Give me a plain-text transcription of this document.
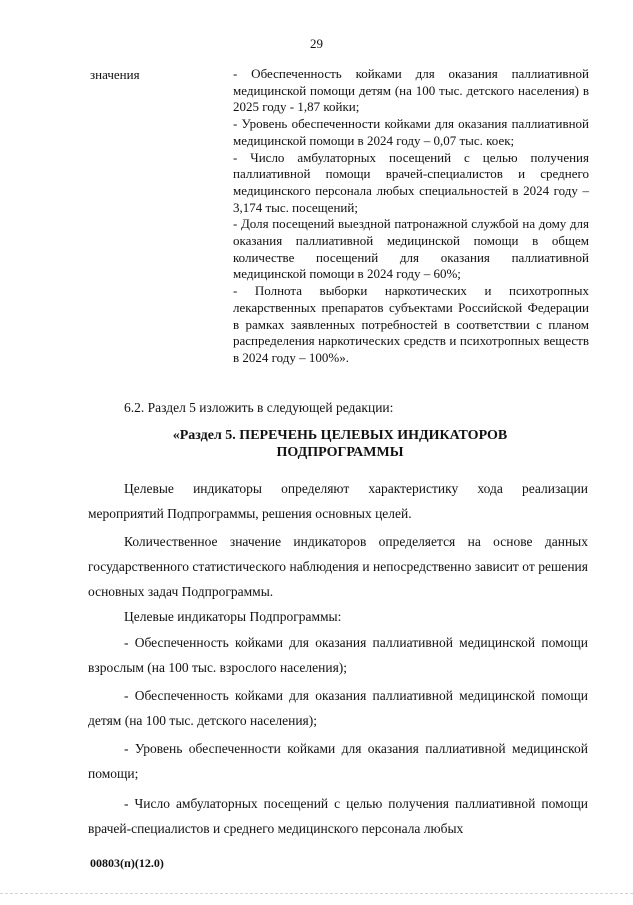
29
значения	- Обеспеченность койками для оказания паллиативной медицинской помощи детям (на 100 тыс. детского населения) в 2025 году - 1,87 койки;

- Уровень обеспеченности койками для оказания паллиативной медицинской помощи в 2024 году – 0,07 тыс. коек;

- Число амбулаторных посещений с целью получения паллиативной помощи врачей-специалистов и среднего медицинского персонала любых специальностей в 2024 году – 3,174 тыс. посещений;

- Доля посещений выездной патронажной службой на дому для оказания паллиативной медицинской помощи в общем количестве посещений для оказания паллиативной медицинской помощи в 2024 году – 60%;

- Полнота выборки наркотических и психотропных лекарственных препаратов субъектами Российской Федерации в рамках заявленных потребностей в соответствии с планом распределения наркотических средств и психотропных веществ в 2024 году – 100%».

6.2. Раздел 5 изложить в следующей редакции:
«Раздел 5. ПЕРЕЧЕНЬ ЦЕЛЕВЫХ ИНДИКАТОРОВ
ПОДПРОГРАММЫ

Целевые индикаторы определяют характеристику хода реализации мероприятий Подпрограммы, решения основных целей.

Количественное значение индикаторов определяется на основе данных государственного статистического наблюдения и непосредственно зависит от решения основных задач Подпрограммы.

Целевые индикаторы Подпрограммы:

- Обеспеченность койками для оказания паллиативной медицинской помощи взрослым (на 100 тыс. взрослого населения);

- Обеспеченность койками для оказания паллиативной медицинской помощи детям (на 100 тыс. детского населения);

- Уровень обеспеченности койками для оказания паллиативной медицинской помощи;

- Число амбулаторных посещений с целью получения паллиативной помощи врачей-специалистов и среднего медицинского персонала любых

00803(п)(12.0)
